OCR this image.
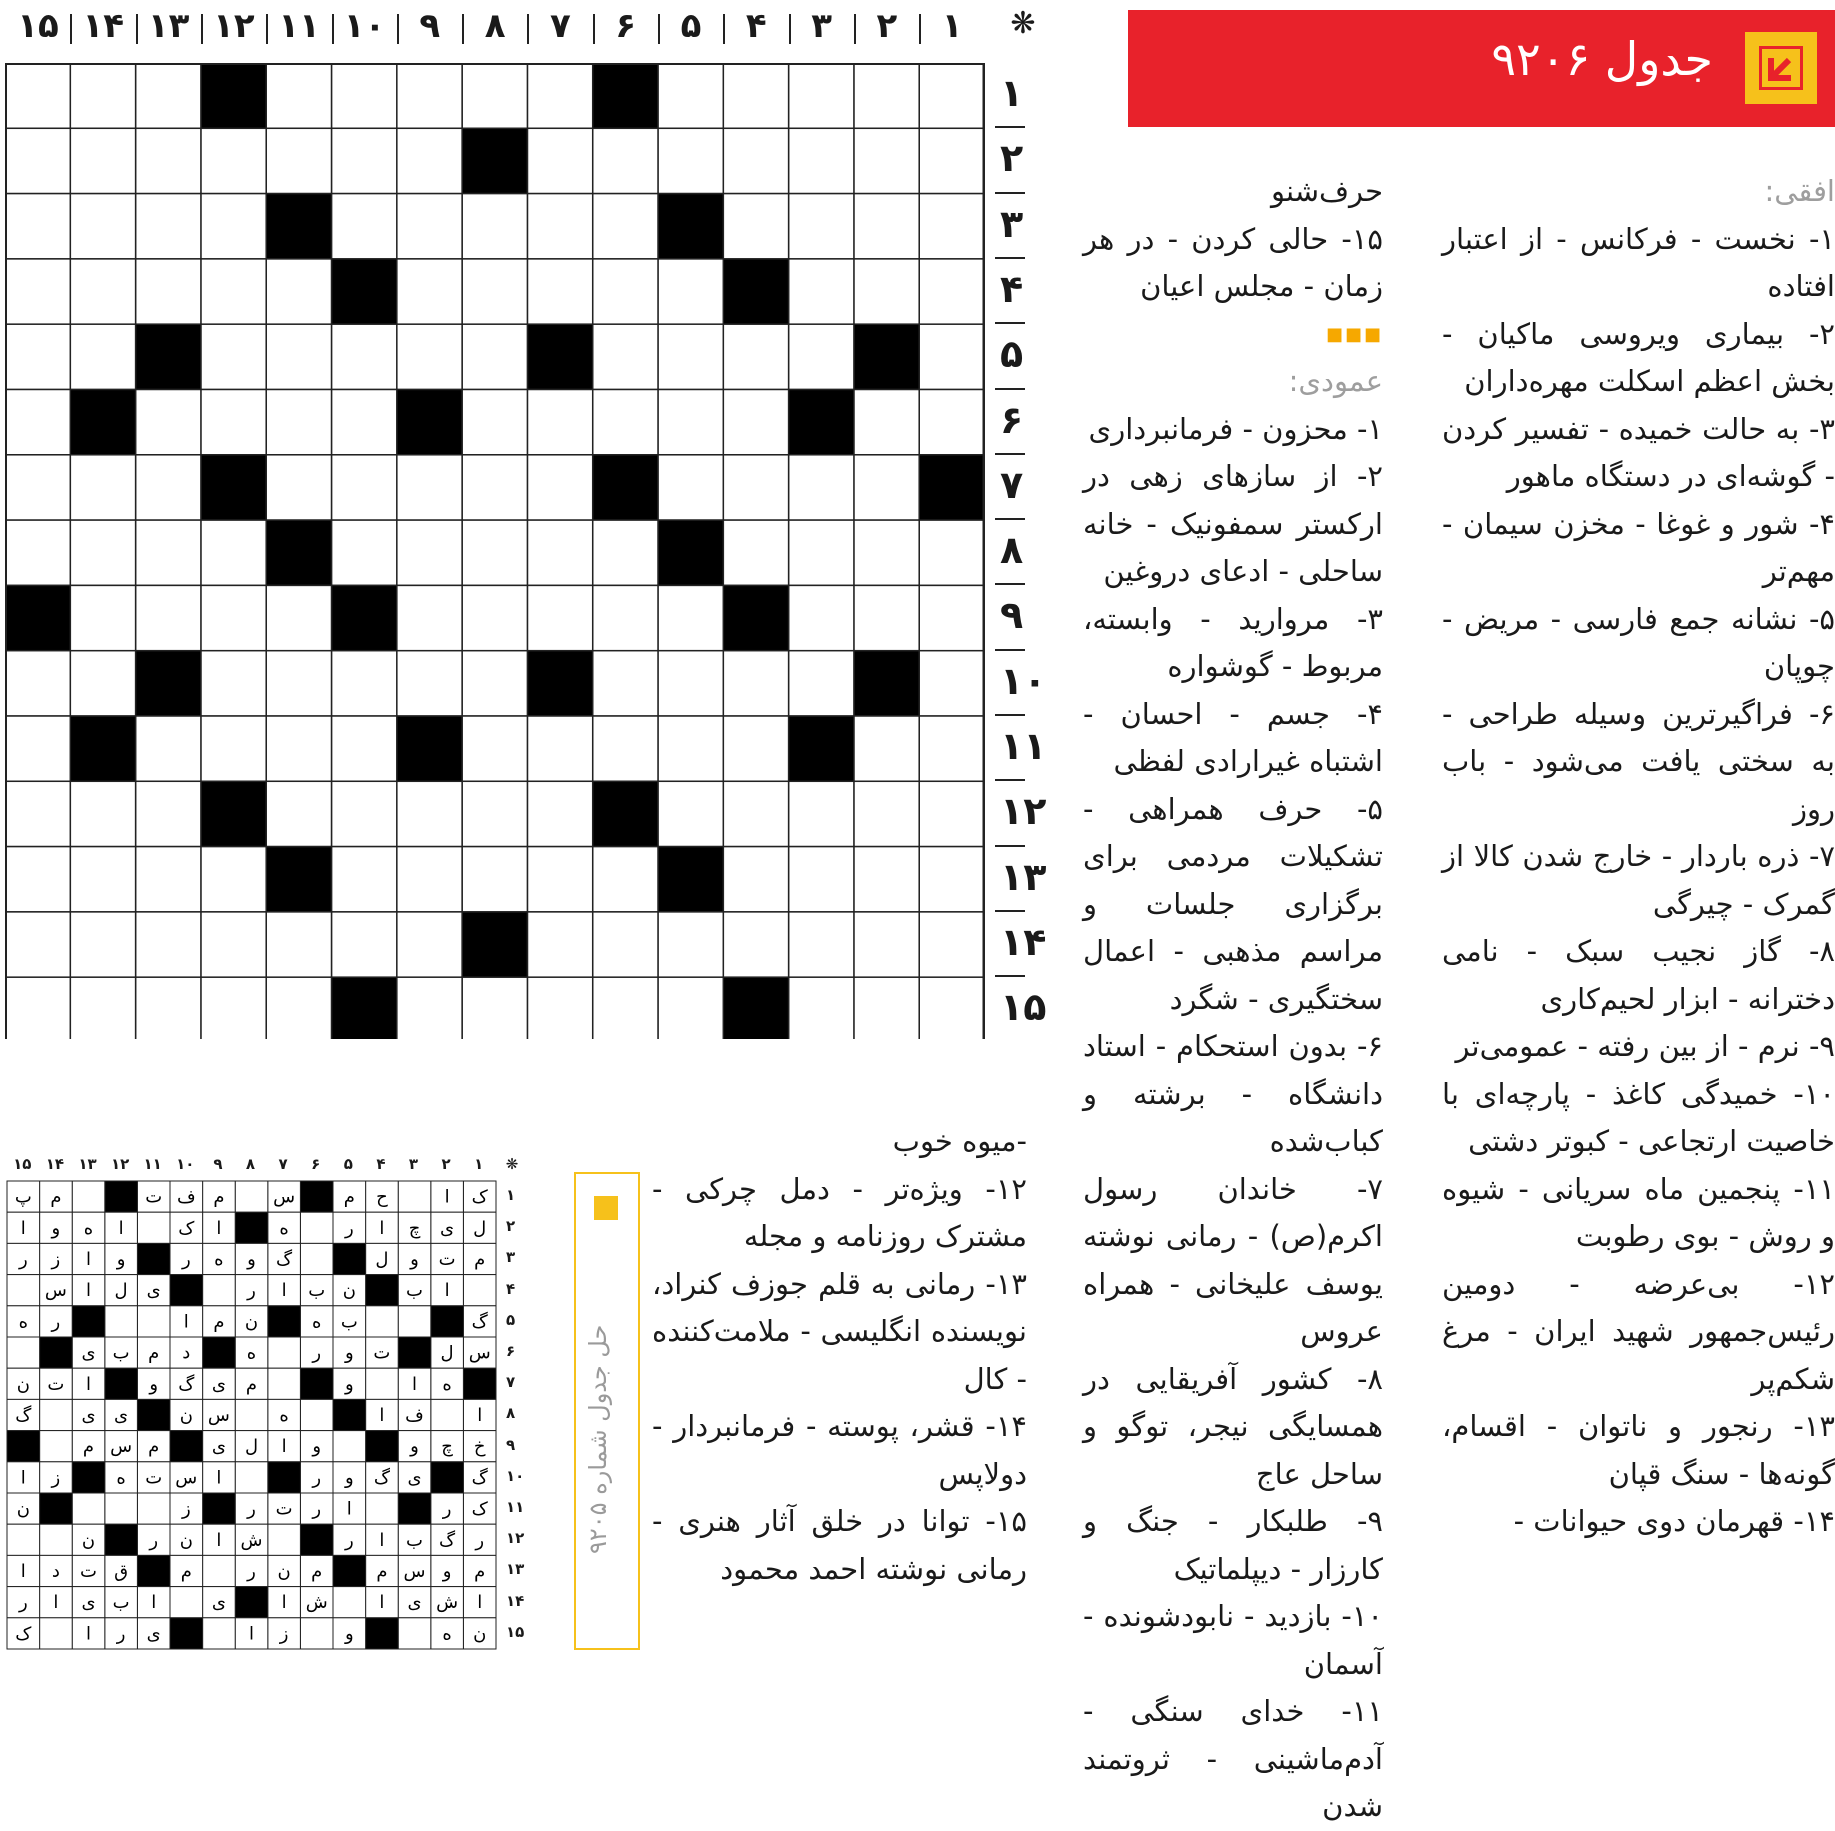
جدول ۹۲۰۶
۱
۲
۳
۴
۵
۶
۷
۸
۹
۱۰
۱۱
۱۲
۱۳
۱۴
۱۵	❋
۱
۲
۳
۴
۵
۶
۷
۸
۹
۱۰
۱۱
۱۲
۱۳
۱۴
۱۵

افقی:

۱- نخست - فرکانس - از اعتبار افتاده

۲- بیماری ویروسی ماکیان - بخش اعظم اسکلت مهره‌داران

۳- به حالت خمیده - تفسیر کردن - گوشه‌ای در دستگاه ماهور

۴- شور و غوغا - مخزن سیمان - مهم‌تر

۵- نشانه جمع فارسی - مریض - چوپان

۶- فراگیرترین وسیله طراحی - به سختی یافت می‌شود - باب روز

۷- ذره باردار - خارج شدن کالا از گمرک - چیرگی

۸- گاز نجیب سبک - نامی دخترانه - ابزار لحیم‌کاری

۹- نرم - از بین رفته - عمومی‌تر

۱۰- خمیدگی کاغذ - پارچه‌ای با خاصیت ارتجاعی - کبوتر دشتی

۱۱- پنجمین ماه سریانی - شیوه و روش - بوی رطوبت

۱۲- بی‌عرضه - دومین رئیس‌جمهور شهید ایران - مرغ شکم‌پر

۱۳- رنجور و ناتوان - اقسام، گونه‌ها - سنگ قپان

۱۴- قهرمان دوی حیوانات -

حرف‌شنو

۱۵- حالی کردن - در هر زمان - مجلس اعیان

■■■

عمودی:

۱- محزون - فرمانبرداری

۲- از سازهای زهی در ارکستر سمفونیک - خانه ساحلی - ادعای دروغین

۳- مروارید - وابسته، مربوط - گوشواره

۴- جسم - احسان - اشتباه غیرارادی لفظی

۵- حرف همراهی - تشکیلات مردمی برای برگزاری جلسات و مراسم مذهبی - اعمال سختگیری - شگرد

۶- بدون استحکام - استاد دانشگاه - برشته و کباب‌شده

۷- خاندان رسول اکرم(ص) - رمانی نوشته یوسف علیخانی - همراه عروس

۸- کشور آفریقایی در همسایگی نیجر، توگو و ساحل عاج

۹- طلبکار - جنگ و کارزار - دیپلماتیک

۱۰- بازدید - نابودشونده - آسمان

۱۱- خدای سنگی - آدم‌ماشینی - ثروتمند شدن

-میوه خوب

۱۲- ویژه‌تر - دمل چرکی - مشترک روزنامه و مجله

۱۳- رمانی به قلم جوزف کنراد، نویسنده انگلیسی - ملامت‌کننده - کال

۱۴- قشر، پوسته - فرمانبردار - دولاپس

۱۵- توانا در خلق آثار هنری - رمانی نوشته احمد محمود

حل جدول شماره ۹۲۰۵
۱
۲
۳
۴
۵
۶
۷
۸
۹
۱۰
۱۱
۱۲
۱۳
۱۴
۱۵	❋
۱
۲
۳
۴
۵
۶
۷
۸
۹
۱۰
۱۱
۱۲
۱۳
۱۴
۱۵
ک
ا
ح
م
س
م
ف
ت
م
پ
ل
ی
چ
ا
ر
ه
ا
ک
ا
ه
و
ا
م
ت
و
ل
گ
و
ه
ر
و
ا
ز
ر
ا
ب
ن
ب
ا
ر
ی
ل
ا
س
گ
ب
ه
ن
م
ا
ر
ه
س
ل
ت
و
ر
ه
د
م
ب
ی
ه
ا
و
م
ی
گ
و
ا
ت
ن
ا
ف
ا
ه
س
ن
ی
ی
گ
خ
چ
و
و
ا
ل
ی
م
س
م
گ
ی
گ
و
ر
ا
س
ت
ه
ز
ا
ک
ر
ا
ر
ت
ر
ز
ن
ر
گ
ب
ا
ر
ش
ا
ن
ر
ن
م
و
س
م
م
ن
ر
م
ق
ت
د
ا
ا
ش
ی
ا
ش
ا
ی
ا
ب
ی
ا
ر
ن
ه
و
ز
ا
ی
ر
ا
ک
